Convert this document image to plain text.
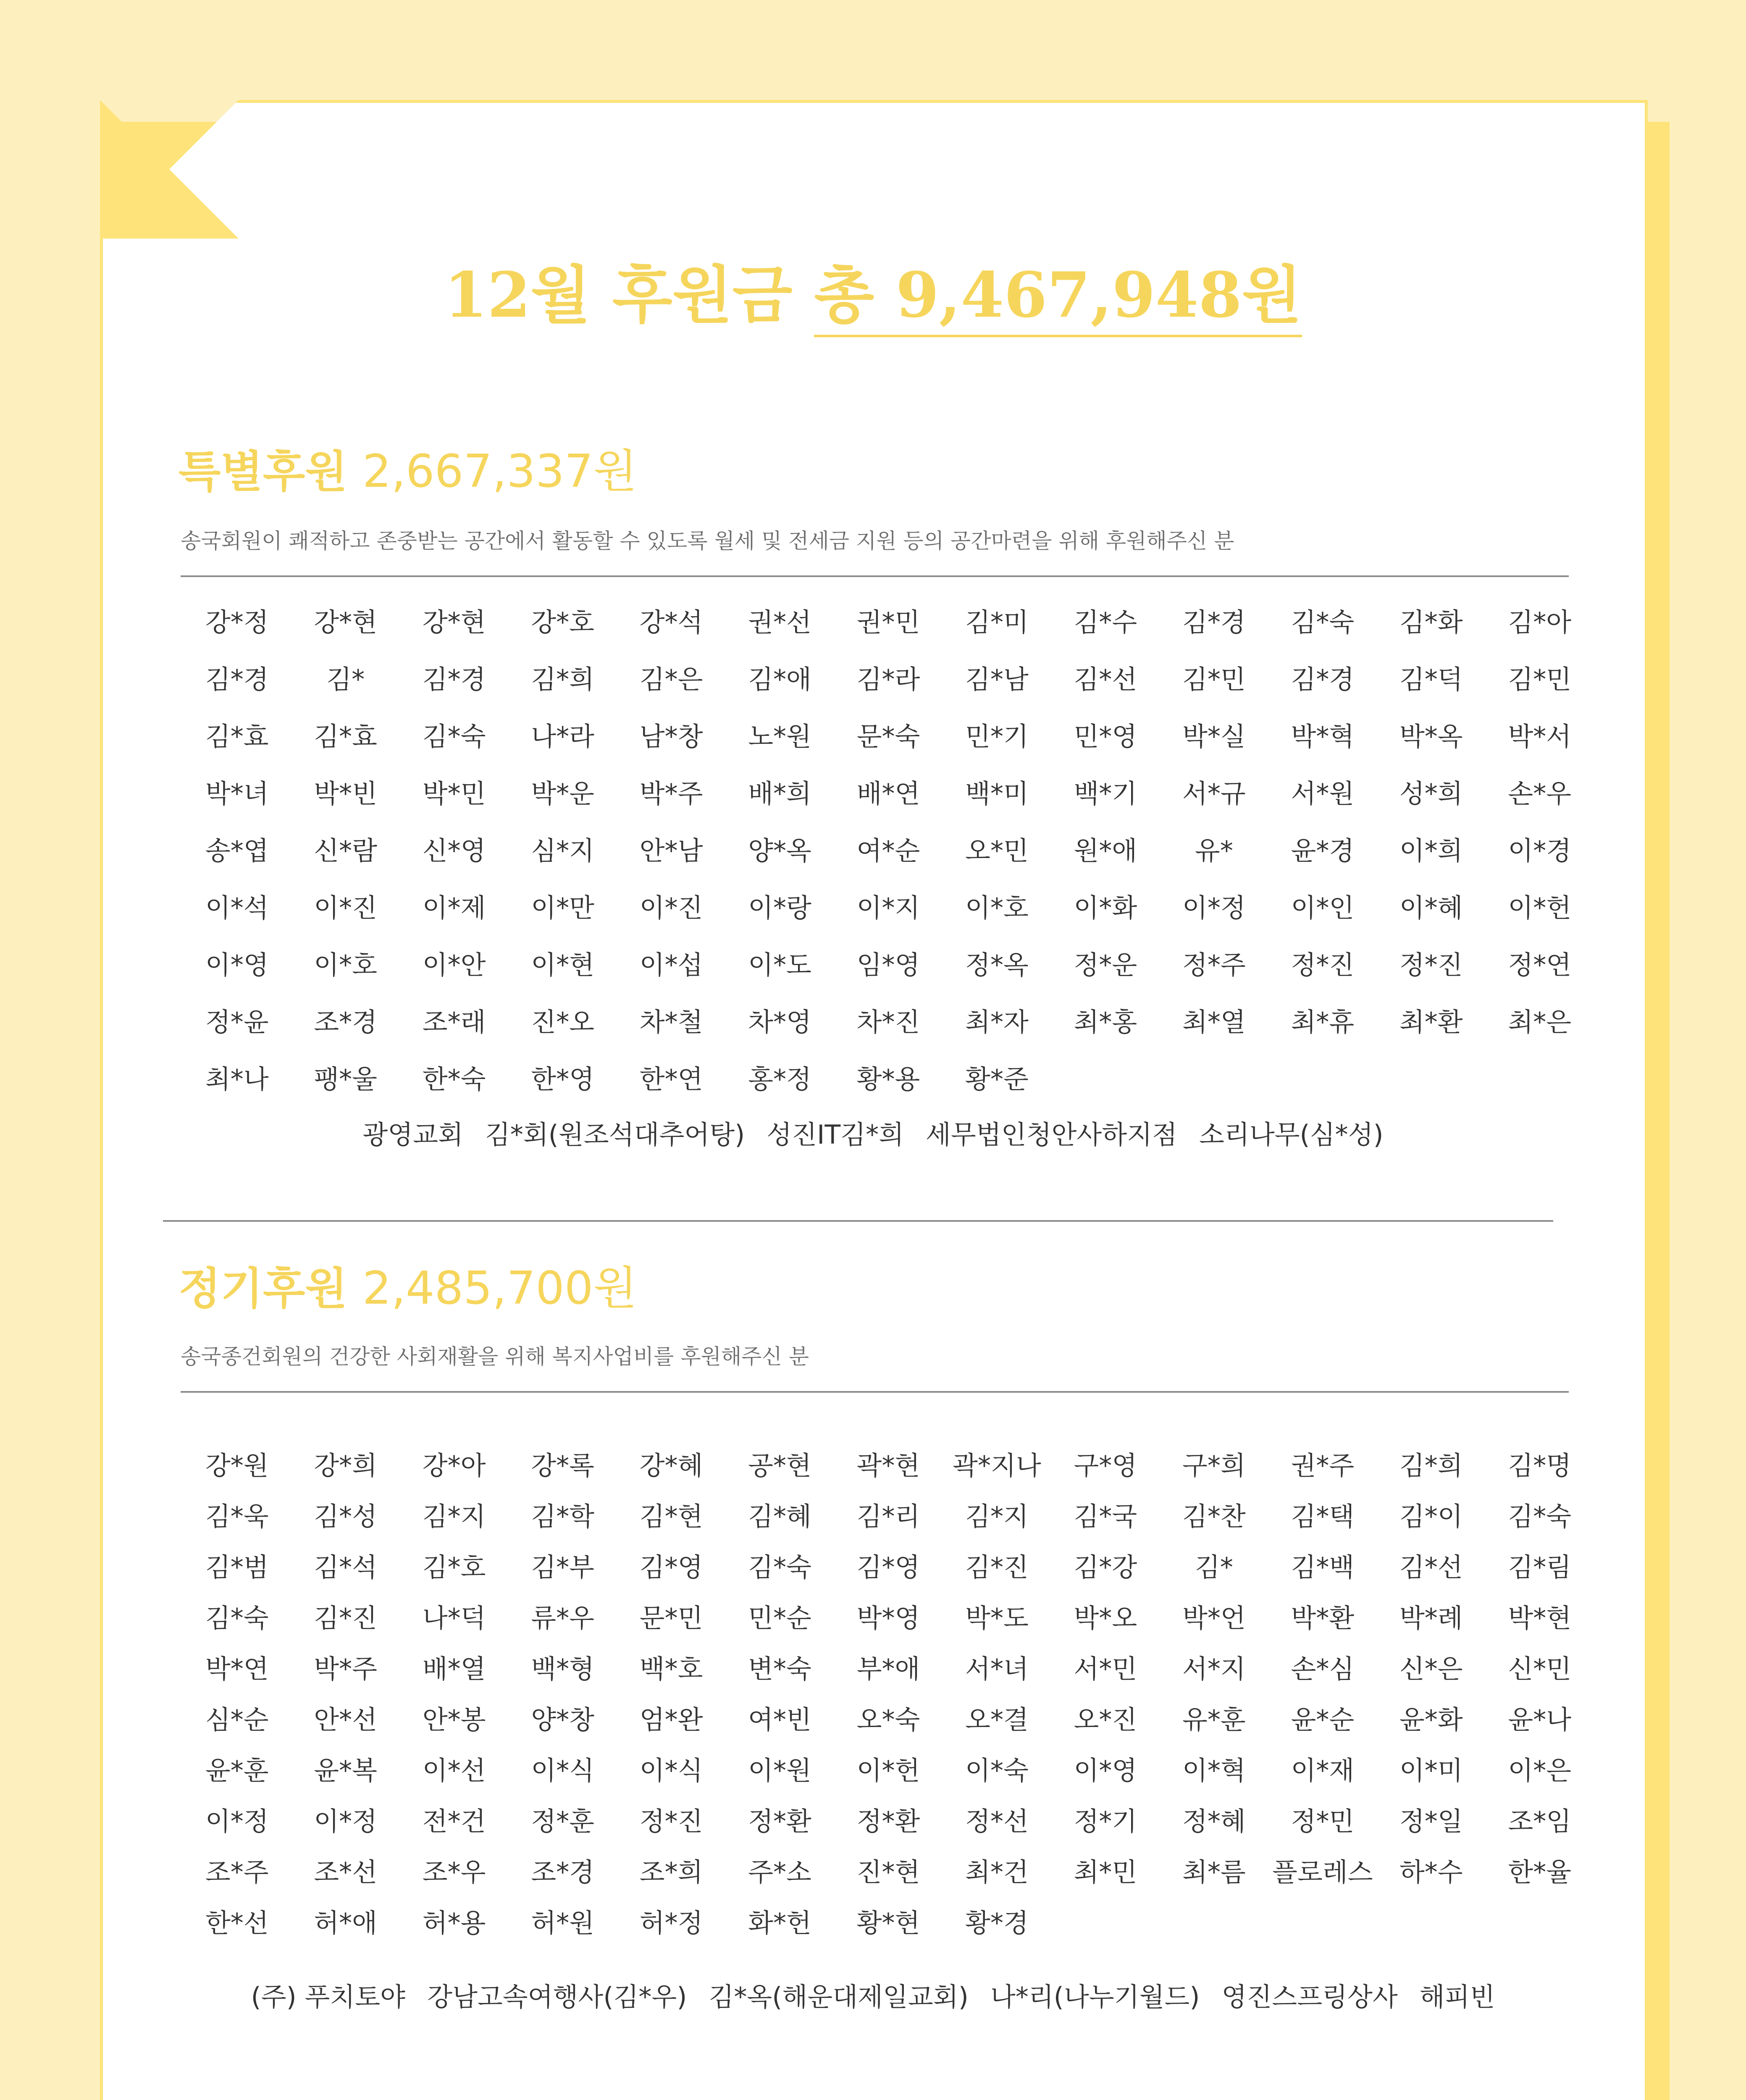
12월 후원금 총 9,467,948원
특별후원 2,667,337원
송국회원이 쾌적하고 존중받는 공간에서 활동할 수 있도록 월세 및 전세금 지원 등의 공간마련을 위해 후원해주신 분
강*정	강*현	강*현	강*호	강*석	권*선	권*민	김*미	김*수	김*경	김*숙	김*화	김*아
김*경	김*	김*경	김*희	김*은	김*애	김*라	김*남	김*선	김*민	김*경	김*덕	김*민
김*효	김*효	김*숙	나*라	남*창	노*원	문*숙	민*기	민*영	박*실	박*혁	박*옥	박*서
박*녀	박*빈	박*민	박*운	박*주	배*희	배*연	백*미	백*기	서*규	서*원	성*희	손*우
송*엽	신*람	신*영	심*지	안*남	양*옥	여*순	오*민	원*애	유*	윤*경	이*희	이*경
이*석	이*진	이*제	이*만	이*진	이*랑	이*지	이*호	이*화	이*정	이*인	이*혜	이*헌
이*영	이*호	이*안	이*현	이*섭	이*도	임*영	정*옥	정*운	정*주	정*진	정*진	정*연
정*윤	조*경	조*래	진*오	차*철	차*영	차*진	최*자	최*홍	최*열	최*휴	최*환	최*은
최*나	팽*울	한*숙	한*영	한*연	홍*정	황*용	황*준
광영교회 김*회(원조석대추어탕) 성진IT김*희 세무법인청안사하지점 소리나무(심*성)
정기후원 2,485,700원
송국종건회원의 건강한 사회재활을 위해 복지사업비를 후원해주신 분
강*원	강*희	강*아	강*록	강*혜	공*현	곽*현	곽*지나	구*영	구*희	권*주	김*희	김*명
김*욱	김*성	김*지	김*학	김*현	김*혜	김*리	김*지	김*국	김*찬	김*택	김*이	김*숙
김*범	김*석	김*호	김*부	김*영	김*숙	김*영	김*진	김*강	김*	김*백	김*선	김*림
김*숙	김*진	나*덕	류*우	문*민	민*순	박*영	박*도	박*오	박*언	박*환	박*례	박*현
박*연	박*주	배*열	백*형	백*호	변*숙	부*애	서*녀	서*민	서*지	손*심	신*은	신*민
심*순	안*선	안*봉	양*창	엄*완	여*빈	오*숙	오*결	오*진	유*훈	윤*순	윤*화	윤*나
윤*훈	윤*복	이*선	이*식	이*식	이*원	이*헌	이*숙	이*영	이*혁	이*재	이*미	이*은
이*정	이*정	전*건	정*훈	정*진	정*환	정*환	정*선	정*기	정*혜	정*민	정*일	조*임
조*주	조*선	조*우	조*경	조*희	주*소	진*현	최*건	최*민	최*름	플로레스	하*수	한*율
한*선	허*애	허*용	허*원	허*정	화*헌	황*현	황*경
(주) 푸치토야 강남고속여행사(김*우) 김*옥(해운대제일교회) 나*리(나누기월드) 영진스프링상사 해피빈
